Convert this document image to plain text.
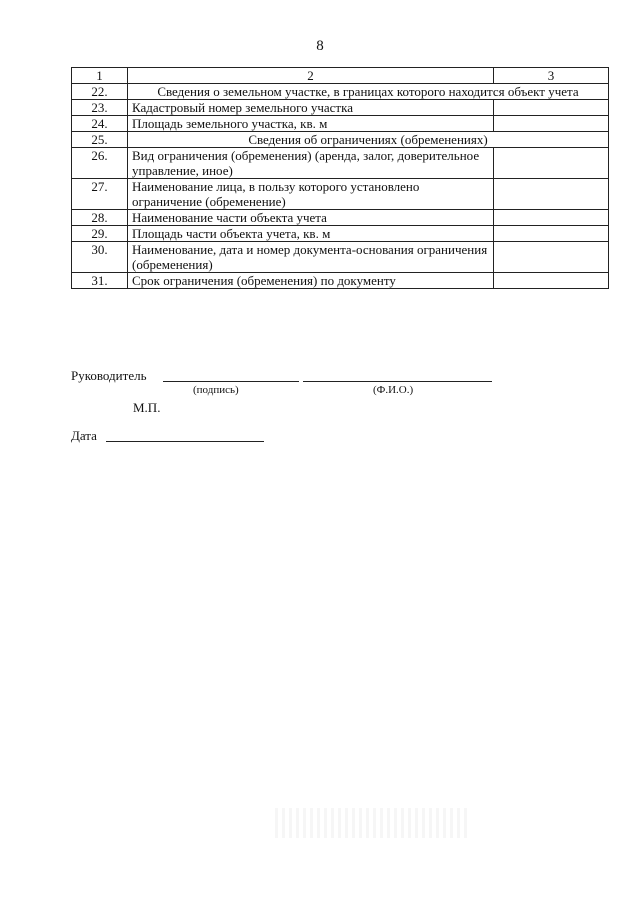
8
1	2	3
22.	Сведения о земельном участке, в границах которого находится объект учета	
23.	Кадастровый номер земельного участка	
24.	Площадь земельного участка, кв. м	
25.	Сведения об ограничениях (обременениях)	
26.	Вид ограничения (обременения) (аренда, залог, доверительное управление, иное)	
27.	Наименование лица, в пользу которого установлено ограничение (обременение)	
28.	Наименование части объекта учета	
29.	Площадь части объекта учета, кв. м	
30.	Наименование, дата и номер документа-основания ограничения (обременения)	
31.	Срок ограничения (обременения) по документу	
Руководитель
(подпись)	(Ф.И.О.)
М.П.
Дата
